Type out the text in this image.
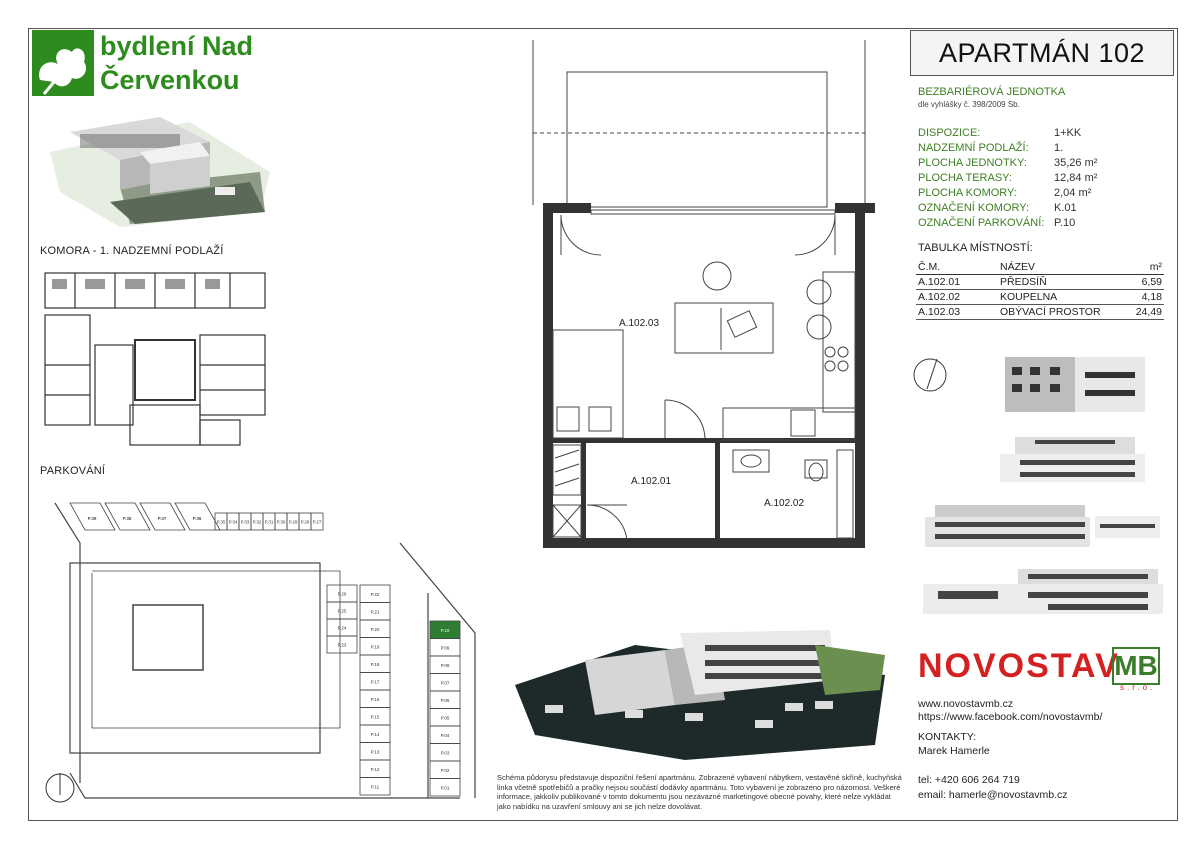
bydlení Nad
Červenkou
KOMORA - 1. NADZEMNÍ PODLAŽÍ
PARKOVÁNÍ
P.39	P.38	P.37	P.36
P.35 P.34 P.33 P.32 P.31 P.30 P.29 P.28 P.27
P.26
P.25
P.24
P.23
P.22
P.21
P.20
P.19
P.18
P.17
P.16
P.15
P.14
P.13
P.12
P.11
P.10
P.09
P.08
P.07
P.06
P.05
P.04
P.03
P.02
P.01
A.102.03
A.102.01
A.102.02
Schéma půdorysu představuje dispoziční řešení apartmánu. Zobrazené vybavení nábytkem, vestavěné skříně, kuchyňská linka včetně spotřebičů a pračky nejsou součástí dodávky apartmánu. Toto vybavení je zobrazeno pro názornost. Veškeré informace, jakkoliv publikované v tomto dokumentu jsou nezávazné marketingové obecné povahy, které nelze vykládat jako nabídku na uzavření smlouvy ani se jich nelze dovolávat.
APARTMÁN 102
BEZBARIÉROVÁ JEDNOTKA
dle vyhlášky č. 398/2009 Sb.
DISPOZICE:	1+KK
NADZEMNÍ PODLAŽÍ:	1.
PLOCHA JEDNOTKY:	35,26 m²
PLOCHA TERASY:	12,84 m²
PLOCHA KOMORY:	2,04 m²
OZNAČENÍ KOMORY:	K.01
OZNAČENÍ PARKOVÁNÍ: P.10
TABULKA MÍSTNOSTÍ:
Č.M.	NÁZEV	m²
A.102.01	PŘEDSÍŇ	6,59
A.102.02	KOUPELNA	4,18
A.102.03	OBÝVACÍ PROSTOR	24,49
NOVOSTAV
MB
s.r.o.
www.novostavmb.cz
https://www.facebook.com/novostavmb/
KONTAKTY:
Marek Hamerle
tel: +420 606 264 719
email: hamerle@novostavmb.cz
